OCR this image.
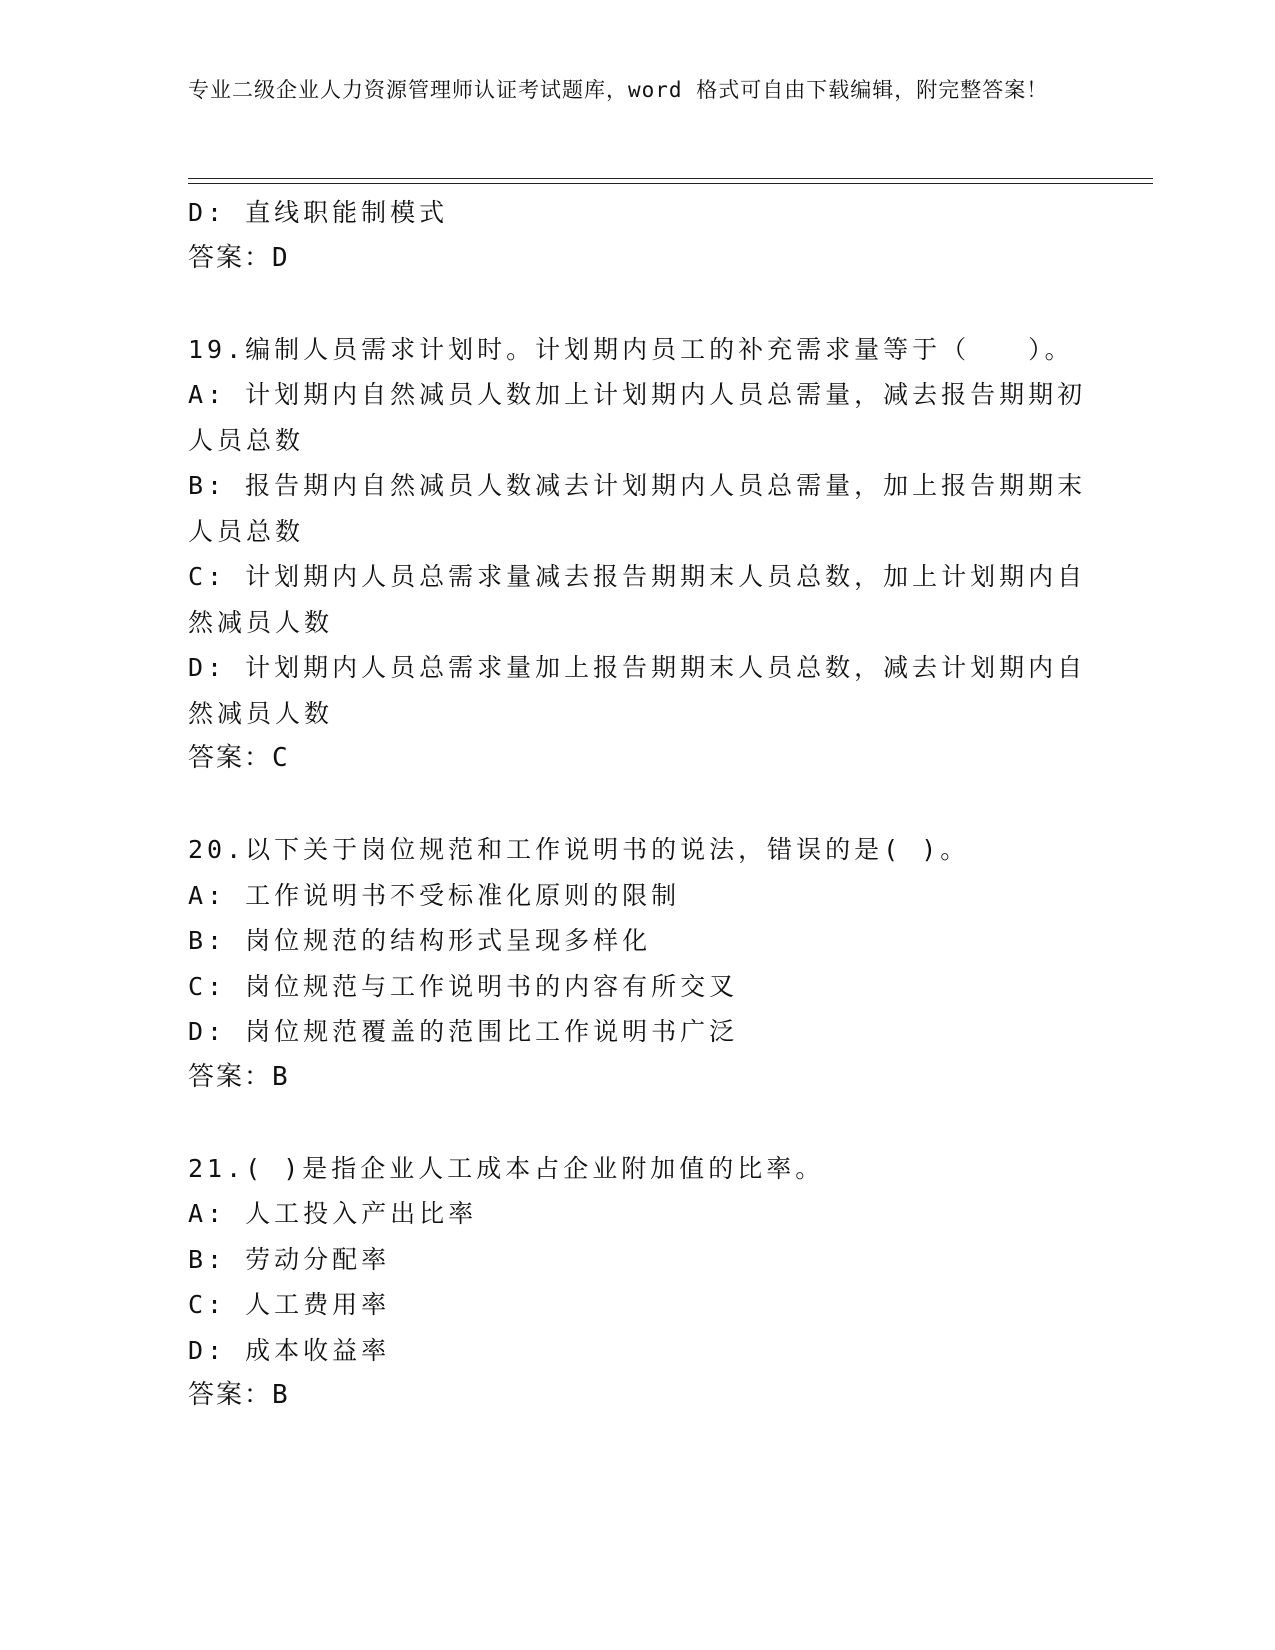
专业二级企业人力资源管理师认证考试题库，word 格式可自由下载编辑，附完整答案！
D: 直线职能制模式
答案：D
19.编制人员需求计划时。计划期内员工的补充需求量等于（　　）。
A: 计划期内自然减员人数加上计划期内人员总需量，减去报告期期初
人员总数
B: 报告期内自然减员人数减去计划期内人员总需量，加上报告期期末
人员总数
C: 计划期内人员总需求量减去报告期期末人员总数，加上计划期内自
然减员人数
D: 计划期内人员总需求量加上报告期期末人员总数，减去计划期内自
然减员人数
答案：C
20.以下关于岗位规范和工作说明书的说法，错误的是( )。
A: 工作说明书不受标准化原则的限制
B: 岗位规范的结构形式呈现多样化
C: 岗位规范与工作说明书的内容有所交叉
D: 岗位规范覆盖的范围比工作说明书广泛
答案：B
21.( )是指企业人工成本占企业附加值的比率。
A: 人工投入产出比率
B: 劳动分配率
C: 人工费用率
D: 成本收益率
答案：B
